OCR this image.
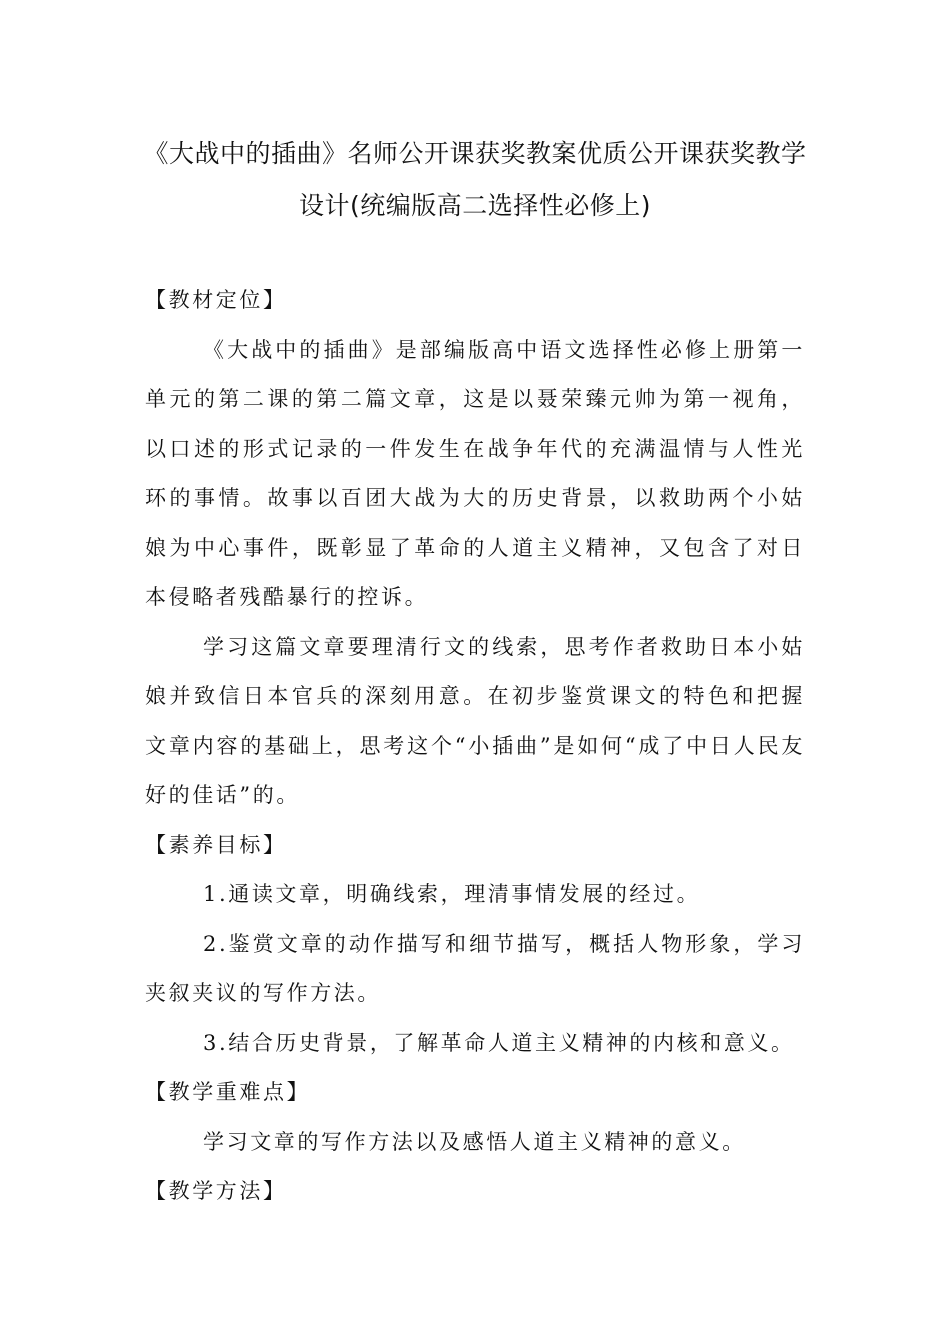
《大战中的插曲》名师公开课获奖教案优质公开课获奖教学设计(统编版高二选择性必修上)

【教材定位】

《大战中的插曲》是部编版高中语文选择性必修上册第一单元的第二课的第二篇文章，这是以聂荣臻元帅为第一视角，以口述的形式记录的一件发生在战争年代的充满温情与人性光环的事情。故事以百团大战为大的历史背景，以救助两个小姑娘为中心事件，既彰显了革命的人道主义精神，又包含了对日本侵略者残酷暴行的控诉。

学习这篇文章要理清行文的线索，思考作者救助日本小姑娘并致信日本官兵的深刻用意。在初步鉴赏课文的特色和把握文章内容的基础上，思考这个“小插曲”是如何“成了中日人民友好的佳话”的。

【素养目标】

1.通读文章，明确线索，理清事情发展的经过。

2.鉴赏文章的动作描写和细节描写，概括人物形象，学习夹叙夹议的写作方法。

3.结合历史背景，了解革命人道主义精神的内核和意义。

【教学重难点】

学习文章的写作方法以及感悟人道主义精神的意义。

【教学方法】
